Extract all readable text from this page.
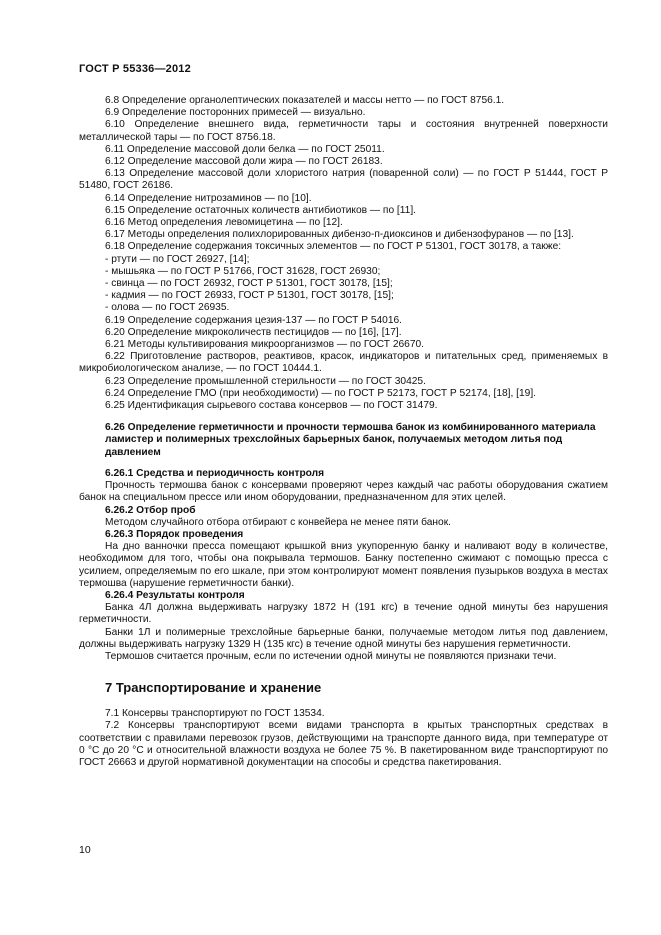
ГОСТ Р 55336—2012

6.8 Определение органолептических показателей и массы нетто — по ГОСТ 8756.1.

6.9 Определение посторонних примесей — визуально.

6.10 Определение внешнего вида, герметичности тары и состояния внутренней поверхности металлической тары — по ГОСТ 8756.18.

6.11 Определение массовой доли белка — по ГОСТ 25011.

6.12 Определение массовой доли жира — по ГОСТ 26183.

6.13 Определение массовой доли хлористого натрия (поваренной соли) — по ГОСТ Р 51444, ГОСТ Р 51480, ГОСТ 26186.

6.14 Определение нитрозаминов — по [10].

6.15 Определение остаточных количеств антибиотиков — по [11].

6.16 Метод определения левомицетина — по [12].

6.17 Методы определения полихлорированных дибензо-п-диоксинов и дибензофуранов — по [13].

6.18 Определение содержания токсичных элементов — по ГОСТ Р 51301, ГОСТ 30178, а также:

- ртути — по ГОСТ 26927, [14];

- мышьяка — по ГОСТ Р 51766, ГОСТ 31628, ГОСТ 26930;

- свинца — по ГОСТ 26932, ГОСТ Р 51301, ГОСТ 30178, [15];

- кадмия — по ГОСТ 26933, ГОСТ Р 51301, ГОСТ 30178, [15];

- олова — по ГОСТ 26935.

6.19 Определение содержания цезия-137 — по ГОСТ Р 54016.

6.20 Определение микроколичеств пестицидов — по [16], [17].

6.21 Методы культивирования микроорганизмов — по ГОСТ 26670.

6.22 Приготовление растворов, реактивов, красок, индикаторов и питательных сред, применяемых в микробиологическом анализе, — по ГОСТ 10444.1.

6.23 Определение промышленной стерильности — по ГОСТ 30425.

6.24 Определение ГМО (при необходимости) — по ГОСТ Р 52173, ГОСТ Р 52174, [18], [19].

6.25 Идентификация сырьевого состава консервов — по ГОСТ 31479.

6.26 Определение герметичности и прочности термошва банок из комбинированного материала ламистер и полимерных трехслойных барьерных банок, получаемых методом литья под давлением

6.26.1 Средства и периодичность контроля

Прочность термошва банок с консервами проверяют через каждый час работы оборудования сжатием банок на специальном прессе или ином оборудовании, предназначенном для этих целей.

6.26.2 Отбор проб

Методом случайного отбора отбирают с конвейера не менее пяти банок.

6.26.3 Порядок проведения

На дно ванночки пресса помещают крышкой вниз укупоренную банку и наливают воду в количестве, необходимом для того, чтобы она покрывала термошов. Банку постепенно сжимают с помощью пресса с усилием, определяемым по его шкале, при этом контролируют момент появления пузырьков воздуха в местах термошва (нарушение герметичности банки).

6.26.4 Результаты контроля

Банка 4Л должна выдерживать нагрузку 1872 Н (191 кгс) в течение одной минуты без нарушения герметичности.

Банки 1Л и полимерные трехслойные барьерные банки, получаемые методом литья под давлением, должны выдерживать нагрузку 1329 Н (135 кгс) в течение одной минуты без нарушения герметичности.

Термошов считается прочным, если по истечении одной минуты не появляются признаки течи.

7 Транспортирование и хранение

7.1 Консервы транспортируют по ГОСТ 13534.

7.2 Консервы транспортируют всеми видами транспорта в крытых транспортных средствах в соответствии с правилами перевозок грузов, действующими на транспорте данного вида, при температуре от 0 °С до 20 °С и относительной влажности воздуха не более 75 %. В пакетированном виде транспортируют по ГОСТ 26663 и другой нормативной документации на способы и средства пакетирования.

10
